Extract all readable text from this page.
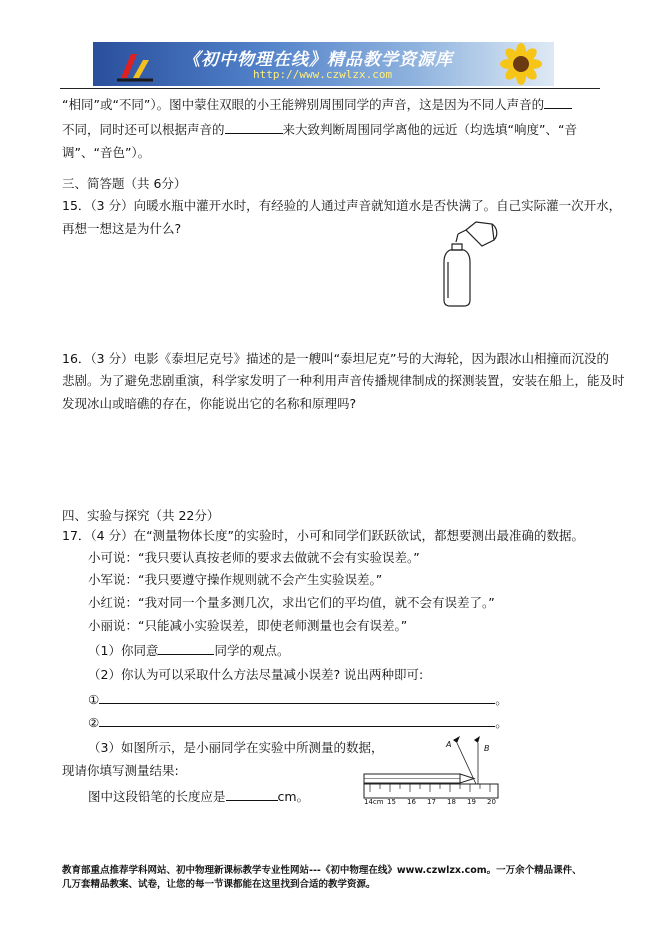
《初中物理在线》精品教学资源库
http://www.czwlzx.com
“相同”或“不同”）。图中蒙住双眼的小王能辨别周围同学的声音，这是因为不同人声音的
不同，同时还可以根据声音的	来大致判断周围同学离他的远近（均选填“响度”、“音
调”、“音色”）。
三、简答题（共 6分）
15．（3 分）向暖水瓶中灌开水时，有经验的人通过声音就知道水是否快满了。自己实际灌一次开水，
再想一想这是为什么?
16．（3 分）电影《泰坦尼克号》描述的是一艘叫“泰坦尼克”号的大海轮，因为跟冰山相撞而沉没的
悲剧。为了避免悲剧重演，科学家发明了一种利用声音传播规律制成的探测装置，安装在船上，能及时
发现冰山或暗礁的存在，你能说出它的名称和原理吗?
四、实验与探究（共 22分）
17．（4 分）在“测量物体长度”的实验时，小可和同学们跃跃欲试，都想要测出最准确的数据。
小可说：“我只要认真按老师的要求去做就不会有实验误差。”
小军说：“我只要遵守操作规则就不会产生实验误差。”
小红说：“我对同一个量多测几次，求出它们的平均值，就不会有误差了。”
小丽说：“只能减小实验误差，即使老师测量也会有误差。”
（1）你同意	同学的观点。
（2）你认为可以采取什么方法尽量减小误差? 说出两种即可:
①	。
②	。
（3）如图所示，是小丽同学在实验中所测量的数据，
现请你填写测量结果:
图中这段铅笔的长度应是	cm。
A	B
14cm 15 16 17 18 19 20
教育部重点推荐学科网站、初中物理新课标教学专业性网站---《初中物理在线》www.czwlzx.com。一万余个精品课件、
几万套精品教案、试卷，让您的每一节课都能在这里找到合适的教学资源。
